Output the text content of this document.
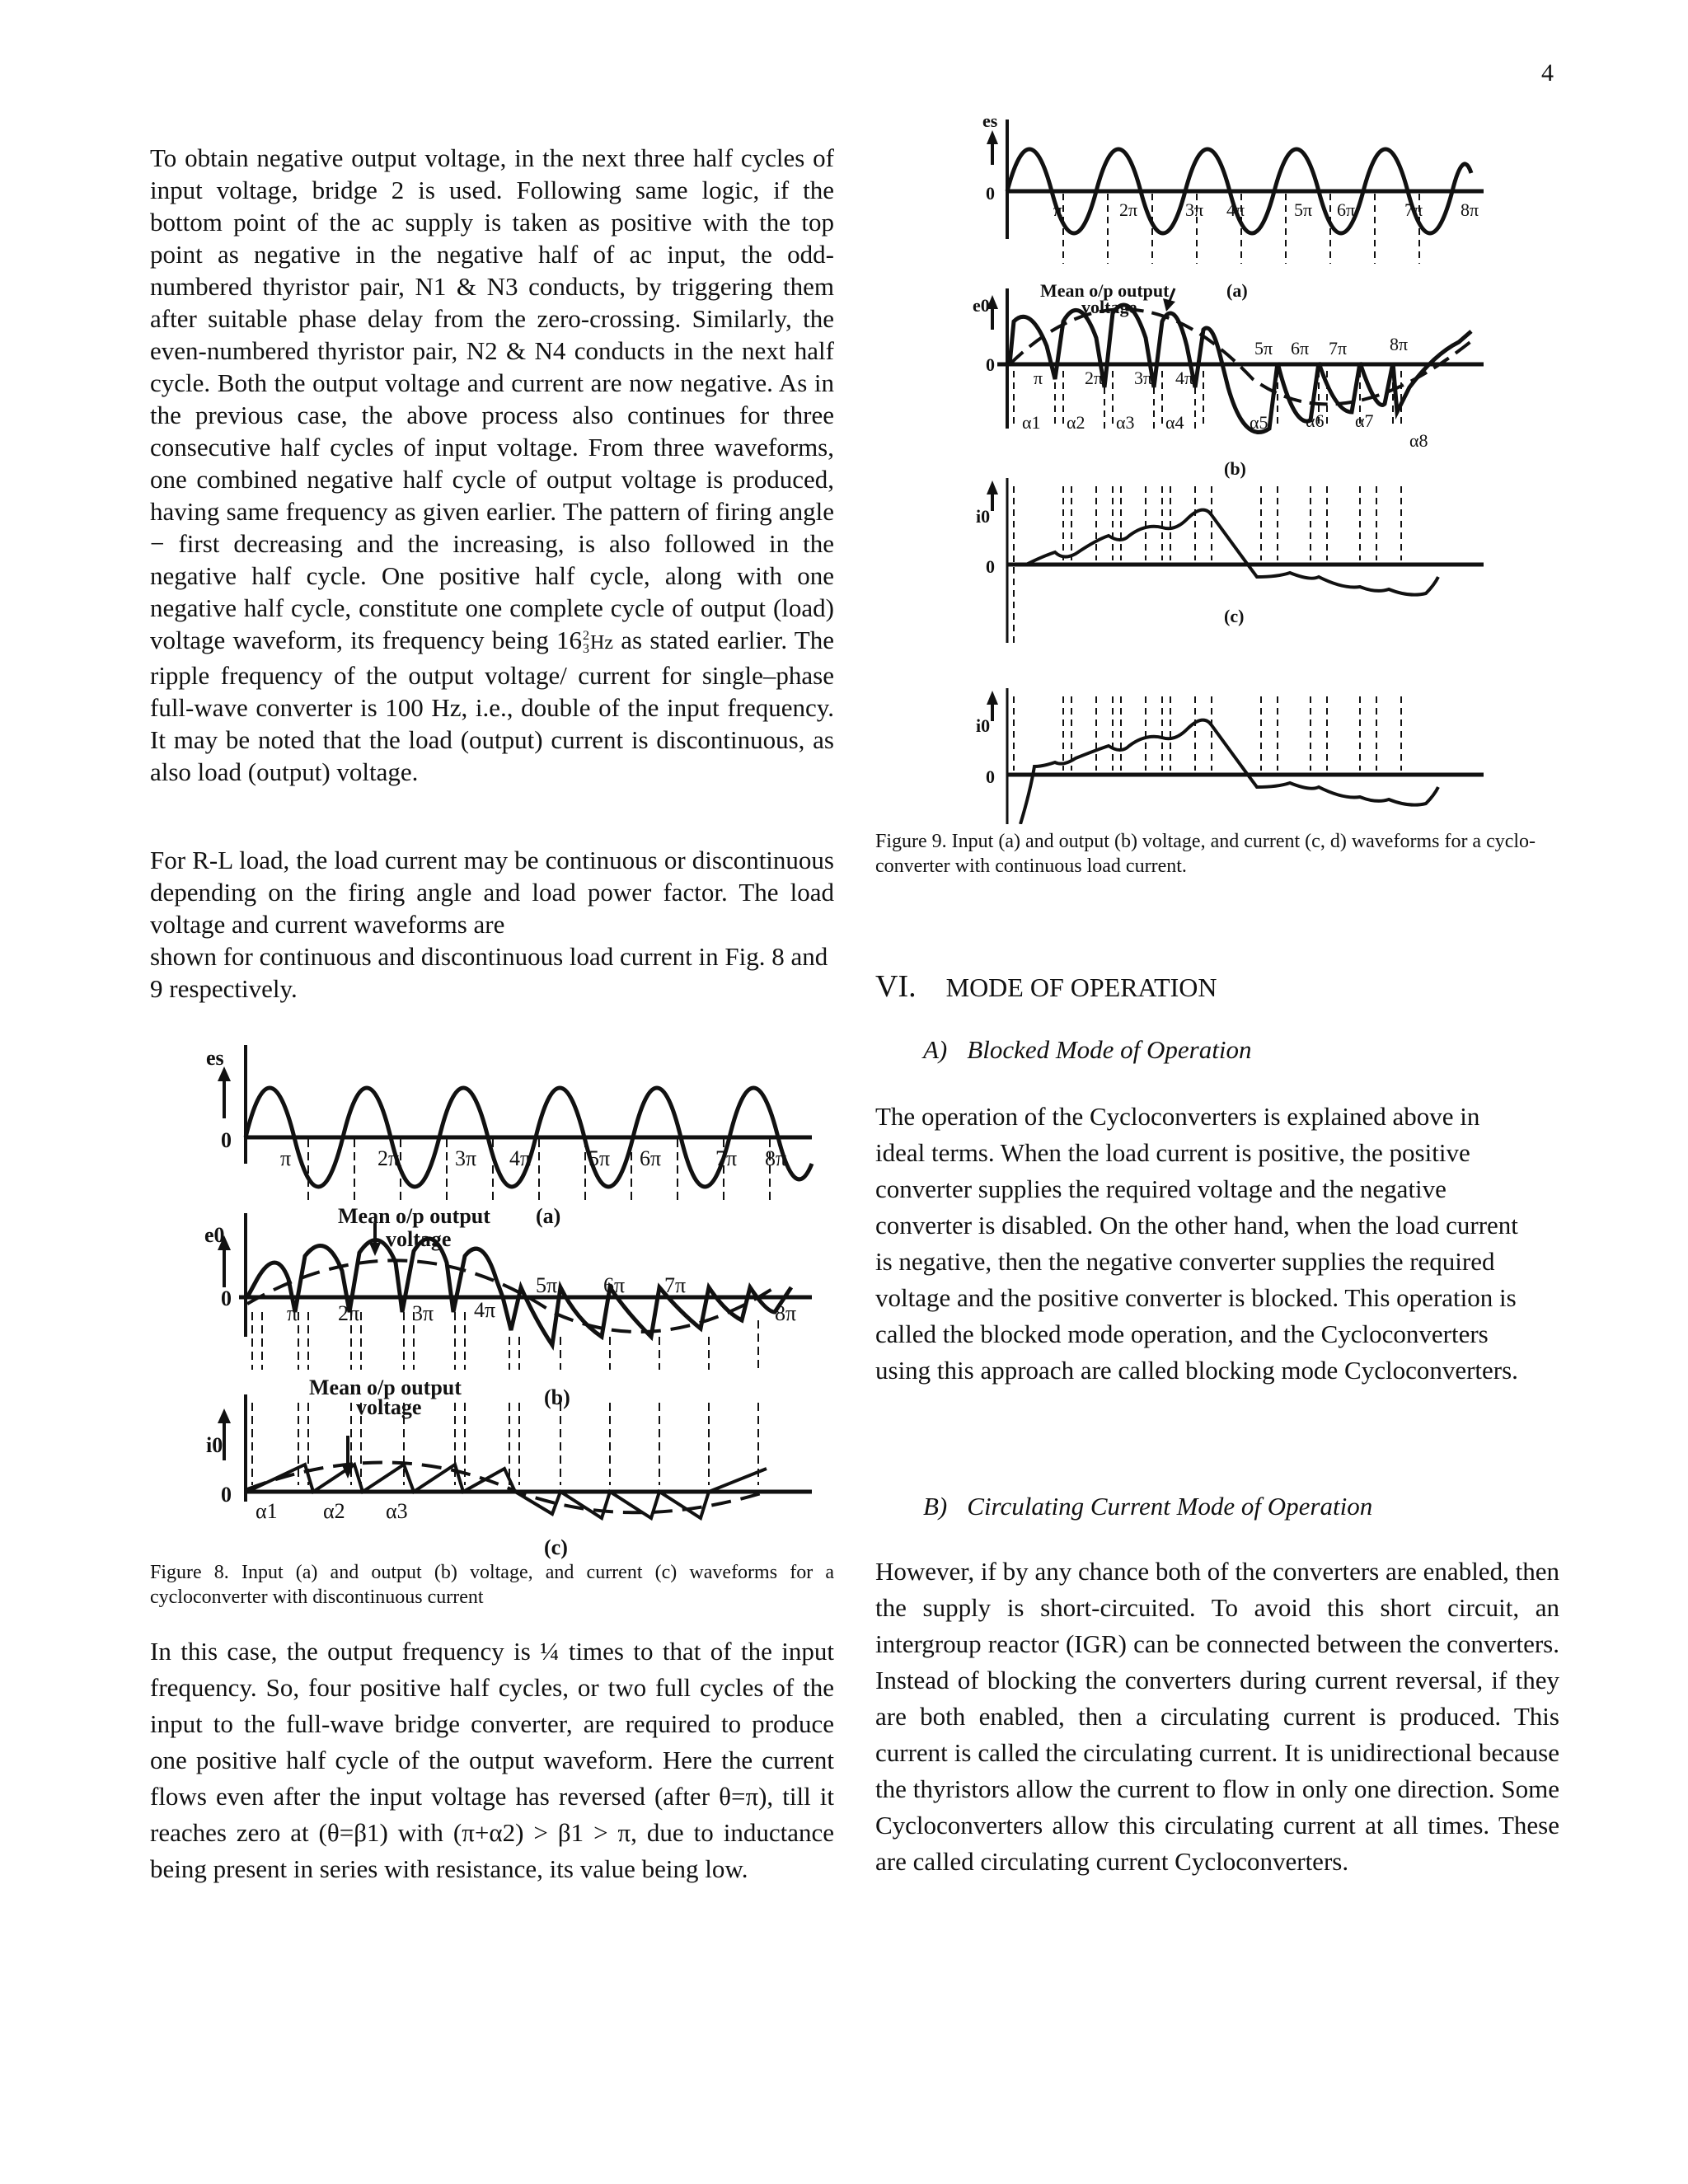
4

To obtain negative output voltage, in the next three half cycles of input voltage, bridge 2 is used. Following same logic, if the bottom point of the ac supply is taken as positive with the top point as negative in the negative half of ac input, the odd-numbered thyristor pair, N1 & N3 conducts, by triggering them after suitable phase delay from the zero-crossing. Similarly, the even-numbered thyristor pair, N2 & N4 conducts in the next half cycle. Both the output voltage and current are now negative. As in the previous case, the above process also continues for three consecutive half cycles of input voltage. From three waveforms, one combined negative half cycle of output voltage is produced, having same frequency as given earlier. The pattern of firing angle − first decreasing and the increasing, is also followed in the negative half cycle. One positive half cycle, along with one negative half cycle, constitute one complete cycle of output (load) voltage waveform, its frequency being 16 2
3 Hz as stated earlier. The ripple frequency of the output voltage/ current for single–phase full-wave converter is 100 Hz, i.e., double of the input frequency. It may be noted that the load (output) current is discontinuous, as also load (output) voltage.

For R-L load, the load current may be continuous or discontinuous depending on the firing angle and load power factor. The load voltage and current waveforms are

shown for continuous and discontinuous load current in Fig. 8 and 9 respectively.

es
0
π	2π	3π 4π	5π 6π	7π 8π
Mean o/p output (a)
voltage
e0
0
π 2π 3π 4π
5π 6π 7π
8π
Mean o/p output
voltage	(b)
i0
0
α1 α2 α3
(c)
Figure 8. Input (a) and output (b) voltage, and current (c) waveforms for a cycloconverter with discontinuous current

In this case, the output frequency is ¼ times to that of the input frequency. So, four positive half cycles, or two full cycles of the input to the full-wave bridge converter, are required to produce one positive half cycle of the output waveform. Here the current flows even after the input voltage has reversed (after θ=π), till it reaches zero at (θ=β1) with (π+α2) > β1 > π, due to inductance being present in series with resistance, its value being low.

es
0
π	2π	3π 4π	5π 6π	7π 8π
Mean o/p output
voltage
(a)
e0
0
π 2π 3π 4π
5π 6π 7π 8π
α1 α2 α3 α4	α5 α6 α7
α8
(b)
i0
0
(c)
i0
0
Figure 9. Input (a) and output (b) voltage, and current (c, d) waveforms for a cyclo-converter with continuous load current.
VI. MODE OF OPERATION
A) Blocked Mode of Operation

The operation of the Cycloconverters is explained above in ideal terms. When the load current is positive, the positive converter supplies the required voltage and the negative converter is disabled. On the other hand, when the load current is negative, then the negative converter supplies the required voltage and the positive converter is blocked. This operation is called the blocked mode operation, and the Cycloconverters using this approach are called blocking mode Cycloconverters.

B) Circulating Current Mode of Operation

However, if by any chance both of the converters are enabled, then the supply is short-circuited. To avoid this short circuit, an intergroup reactor (IGR) can be connected between the converters. Instead of blocking the converters during current reversal, if they are both enabled, then a circulating current is produced. This current is called the circulating current. It is unidirectional because the thyristors allow the current to flow in only one direction. Some Cycloconverters allow this circulating current at all times. These are called circulating current Cycloconverters.
